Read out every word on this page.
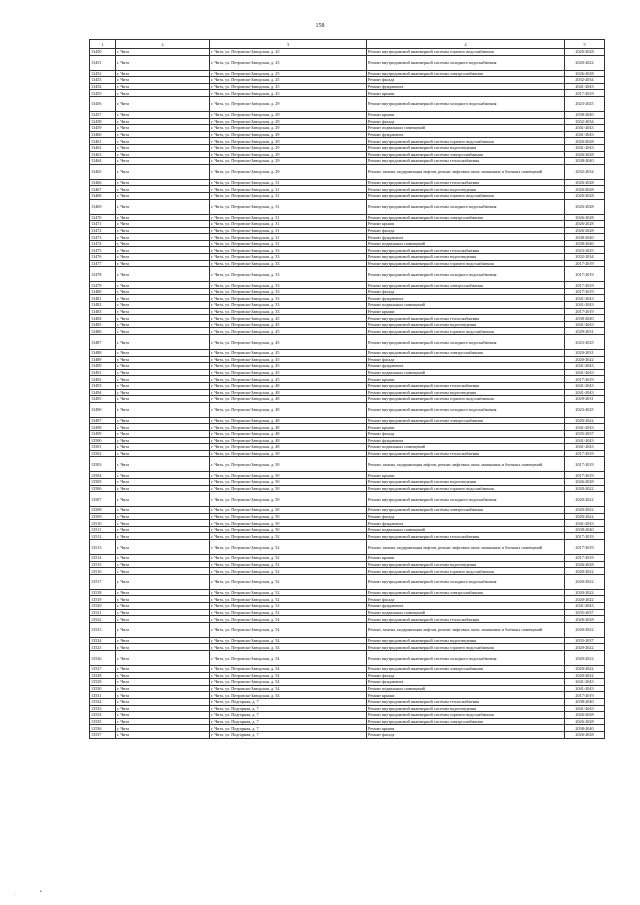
158
1	2	3	4	5
13450	г. Чита	г. Чита, ул. Петровско-Заводская, д. 25	Ремонт внутридомовой инженерной системы горячего водоснабжения	2026-2028
13451	г. Чита	г. Чита, ул. Петровско-Заводская, д. 25	Ремонт внутридомовой инженерной системы холодного водоснабжения	2020-2022
13452	г. Чита	г. Чита, ул. Петровско-Заводская, д. 25	Ремонт внутридомовой инженерной системы электроснабжения	2026-2028
13453	г. Чита	г. Чита, ул. Петровско-Заводская, д. 25	Ремонт фасада	2032-2034
13454	г. Чита	г. Чита, ул. Петровско-Заводская, д. 25	Ремонт фундамента	2041-2043
13455	г. Чита	г. Чита, ул. Петровско-Заводская, д. 25	Ремонт крыши	2017-2019
13456	г. Чита	г. Чита, ул. Петровско-Заводская, д. 29	Ремонт внутридомовой инженерной системы холодного водоснабжения	2023-2025
13457	г. Чита	г. Чита, ул. Петровско-Заводская, д. 29	Ремонт крыши	2038-2040
13458	г. Чита	г. Чита, ул. Петровско-Заводская, д. 29	Ремонт фасада	2032-2034
13459	г. Чита	г. Чита, ул. Петровско-Заводская, д. 29	Ремонт подвальных помещений	2041-2043
13460	г. Чита	г. Чита, ул. Петровско-Заводская, д. 29	Ремонт фундамента	2041-2043
13461	г. Чита	г. Чита, ул. Петровско-Заводская, д. 29	Ремонт внутридомовой инженерной системы горячего водоснабжения	2026-2028
13462	г. Чита	г. Чита, ул. Петровско-Заводская, д. 29	Ремонт внутридомовой инженерной системы водоотведения	2041-2043
13463	г. Чита	г. Чита, ул. Петровско-Заводская, д. 29	Ремонт внутридомовой инженерной системы электроснабжения	2026-2028
13464	г. Чита	г. Чита, ул. Петровско-Заводская, д. 29	Ремонт внутридомовой инженерной системы теплоснабжения	2038-2040
13465	г. Чита	г. Чита, ул. Петровско-Заводская, д. 29	Ремонт, замена, модернизация лифтов, ремонт лифтовых шахт, машинных и блочных помещений	2032-2034
13466	г. Чита	г. Чита, ул. Петровско-Заводская, д. 31	Ремонт внутридомовой инженерной системы теплоснабжения	2026-2028
13467	г. Чита	г. Чита, ул. Петровско-Заводская, д. 31	Ремонт внутридомовой инженерной системы водоотведения	2026-2028
13468	г. Чита	г. Чита, ул. Петровско-Заводская, д. 31	Ремонт внутридомовой инженерной системы горячего водоснабжения	2026-2028
13469	г. Чита	г. Чита, ул. Петровско-Заводская, д. 31	Ремонт внутридомовой инженерной системы холодного водоснабжения	2026-2028
13470	г. Чита	г. Чита, ул. Петровско-Заводская, д. 31	Ремонт внутридомовой инженерной системы электроснабжения	2026-2028
13471	г. Чита	г. Чита, ул. Петровско-Заводская, д. 31	Ремонт крыши	2026-2028
13472	г. Чита	г. Чита, ул. Петровско-Заводская, д. 31	Ремонт фасада	2026-2028
13473	г. Чита	г. Чита, ул. Петровско-Заводская, д. 31	Ремонт фундамента	2038-2040
13474	г. Чита	г. Чита, ул. Петровско-Заводская, д. 31	Ремонт подвальных помещений	2038-2040
13475	г. Чита	г. Чита, ул. Петровско-Заводская, д. 33	Ремонт внутридомовой инженерной системы теплоснабжения	2023-2025
13476	г. Чита	г. Чита, ул. Петровско-Заводская, д. 33	Ремонт внутридомовой инженерной системы водоотведения	2032-2034
13477	г. Чита	г. Чита, ул. Петровско-Заводская, д. 33	Ремонт внутридомовой инженерной системы горячего водоснабжения	2017-2019
13478	г. Чита	г. Чита, ул. Петровско-Заводская, д. 33	Ремонт внутридомовой инженерной системы холодного водоснабжения	2017-2019
13479	г. Чита	г. Чита, ул. Петровско-Заводская, д. 33	Ремонт внутридомовой инженерной системы электроснабжения	2017-2019
13480	г. Чита	г. Чита, ул. Петровско-Заводская, д. 33	Ремонт фасада	2017-2019
13481	г. Чита	г. Чита, ул. Петровско-Заводская, д. 33	Ремонт фундамента	2041-2043
13482	г. Чита	г. Чита, ул. Петровско-Заводская, д. 33	Ремонт подвальных помещений	2041-2043
13483	г. Чита	г. Чита, ул. Петровско-Заводская, д. 33	Ремонт крыши	2017-2019
13484	г. Чита	г. Чита, ул. Петровско-Заводская, д. 45	Ремонт внутридомовой инженерной системы теплоснабжения	2038-2040
13485	г. Чита	г. Чита, ул. Петровско-Заводская, д. 45	Ремонт внутридомовой инженерной системы водоотведения	2041-2043
13486	г. Чита	г. Чита, ул. Петровско-Заводская, д. 45	Ремонт внутридомовой инженерной системы горячего водоснабжения	2029-2031
13487	г. Чита	г. Чита, ул. Петровско-Заводская, д. 45	Ремонт внутридомовой инженерной системы холодного водоснабжения	2023-2025
13488	г. Чита	г. Чита, ул. Петровско-Заводская, д. 45	Ремонт внутридомовой инженерной системы электроснабжения	2029-2031
13489	г. Чита	г. Чита, ул. Петровско-Заводская, д. 45	Ремонт фасада	2020-2022
13490	г. Чита	г. Чита, ул. Петровско-Заводская, д. 45	Ремонт фундамента	2041-2043
13491	г. Чита	г. Чита, ул. Петровско-Заводская, д. 45	Ремонт подвальных помещений	2041-2043
13492	г. Чита	г. Чита, ул. Петровско-Заводская, д. 45	Ремонт крыши	2017-2019
13493	г. Чита	г. Чита, ул. Петровско-Заводская, д. 48	Ремонт внутридомовой инженерной системы теплоснабжения	2041-2043
13494	г. Чита	г. Чита, ул. Петровско-Заводская, д. 48	Ремонт внутридомовой инженерной системы водоотведения	2041-2043
13495	г. Чита	г. Чита, ул. Петровско-Заводская, д. 48	Ремонт внутридомовой инженерной системы горячего водоснабжения	2029-2031
13496	г. Чита	г. Чита, ул. Петровско-Заводская, д. 48	Ремонт внутридомовой инженерной системы холодного водоснабжения	2023-2025
13497	г. Чита	г. Чита, ул. Петровско-Заводская, д. 48	Ремонт внутридомовой инженерной системы электроснабжения	2020-2022
13498	г. Чита	г. Чита, ул. Петровско-Заводская, д. 48	Ремонт крыши	2041-2043
13499	г. Чита	г. Чита, ул. Петровско-Заводская, д. 48	Ремонт фасада	2035-2037
13500	г. Чита	г. Чита, ул. Петровско-Заводская, д. 48	Ремонт фундамента	2041-2043
13501	г. Чита	г. Чита, ул. Петровско-Заводская, д. 48	Ремонт подвальных помещений	2041-2043
13502	г. Чита	г. Чита, ул. Петровско-Заводская, д. 50	Ремонт внутридомовой инженерной системы теплоснабжения	2017-2019
13503	г. Чита	г. Чита, ул. Петровско-Заводская, д. 50	Ремонт, замена, модернизация лифтов, ремонт лифтовых шахт, машинных и блочных помещений	2017-2019
13504	г. Чита	г. Чита, ул. Петровско-Заводская, д. 50	Ремонт крыши	2017-2019
13505	г. Чита	г. Чита, ул. Петровско-Заводская, д. 50	Ремонт внутридомовой инженерной системы водоотведения	2026-2028
13506	г. Чита	г. Чита, ул. Петровско-Заводская, д. 50	Ремонт внутридомовой инженерной системы горячего водоснабжения	2020-2022
13507	г. Чита	г. Чита, ул. Петровско-Заводская, д. 50	Ремонт внутридомовой инженерной системы холодного водоснабжения	2020-2022
13508	г. Чита	г. Чита, ул. Петровско-Заводская, д. 50	Ремонт внутридомовой инженерной системы электроснабжения	2020-2022
13509	г. Чита	г. Чита, ул. Петровско-Заводская, д. 50	Ремонт фасада	2020-2022
13510	г. Чита	г. Чита, ул. Петровско-Заводская, д. 50	Ремонт фундамента	2041-2043
13511	г. Чита	г. Чита, ул. Петровско-Заводская, д. 50	Ремонт подвальных помещений	2038-2040
13512	г. Чита	г. Чита, ул. Петровско-Заводская, д. 52	Ремонт внутридомовой инженерной системы теплоснабжения	2017-2019
13513	г. Чита	г. Чита, ул. Петровско-Заводская, д. 52	Ремонт, замена, модернизация лифтов, ремонт лифтовых шахт, машинных и блочных помещений	2017-2019
13514	г. Чита	г. Чита, ул. Петровско-Заводская, д. 52	Ремонт крыши	2017-2019
13515	г. Чита	г. Чита, ул. Петровско-Заводская, д. 52	Ремонт внутридомовой инженерной системы водоотведения	2026-2028
13516	г. Чита	г. Чита, ул. Петровско-Заводская, д. 52	Ремонт внутридомовой инженерной системы горячего водоснабжения	2020-2022
13517	г. Чита	г. Чита, ул. Петровско-Заводская, д. 52	Ремонт внутридомовой инженерной системы холодного водоснабжения	2020-2022
13518	г. Чита	г. Чита, ул. Петровско-Заводская, д. 52	Ремонт внутридомовой инженерной системы электроснабжения	2020-2022
13519	г. Чита	г. Чита, ул. Петровско-Заводская, д. 52	Ремонт фасада	2020-2022
13520	г. Чита	г. Чита, ул. Петровско-Заводская, д. 52	Ремонт фундамента	2041-2043
13521	г. Чита	г. Чита, ул. Петровско-Заводская, д. 52	Ремонт подвальных помещений	2035-2037
13522	г. Чита	г. Чита, ул. Петровско-Заводская, д. 54	Ремонт внутридомовой инженерной системы теплоснабжения	2026-2028
13523	г. Чита	г. Чита, ул. Петровско-Заводская, д. 54	Ремонт, замена, модернизация лифтов, ремонт лифтовых шахт, машинных и блочных помещений	2020-2022
13524	г. Чита	г. Чита, ул. Петровско-Заводская, д. 54	Ремонт внутридомовой инженерной системы водоотведения	2035-2037
13525	г. Чита	г. Чита, ул. Петровско-Заводская, д. 54	Ремонт внутридомовой инженерной системы горячего водоснабжения	2020-2022
13526	г. Чита	г. Чита, ул. Петровско-Заводская, д. 54	Ремонт внутридомовой инженерной системы холодного водоснабжения	2020-2022
13527	г. Чита	г. Чита, ул. Петровско-Заводская, д. 54	Ремонт внутридомовой инженерной системы электроснабжения	2020-2022
13528	г. Чита	г. Чита, ул. Петровско-Заводская, д. 54	Ремонт фасада	2020-2022
13529	г. Чита	г. Чита, ул. Петровско-Заводская, д. 54	Ремонт фундамента	2041-2043
13530	г. Чита	г. Чита, ул. Петровско-Заводская, д. 54	Ремонт подвальных помещений	2041-2043
13531	г. Чита	г. Чита, ул. Петровско-Заводская, д. 54	Ремонт крыши	2017-2019
13532	г. Чита	г. Чита, ул. Подгорная, д. 7	Ремонт внутридомовой инженерной системы теплоснабжения	2038-2040
13533	г. Чита	г. Чита, ул. Подгорная, д. 7	Ремонт внутридомовой инженерной системы водоотведения	2041-2043
13534	г. Чита	г. Чита, ул. Подгорная, д. 7	Ремонт внутридомовой инженерной системы горячего водоснабжения	2026-2028
13535	г. Чита	г. Чита, ул. Подгорная, д. 7	Ремонт внутридомовой инженерной системы электроснабжения	2026-2028
13536	г. Чита	г. Чита, ул. Подгорная, д. 7	Ремонт крыши	2038-2040
13537	г. Чита	г. Чита, ул. Подгорная, д. 7	Ремонт фасада	2026-2028
·
•
